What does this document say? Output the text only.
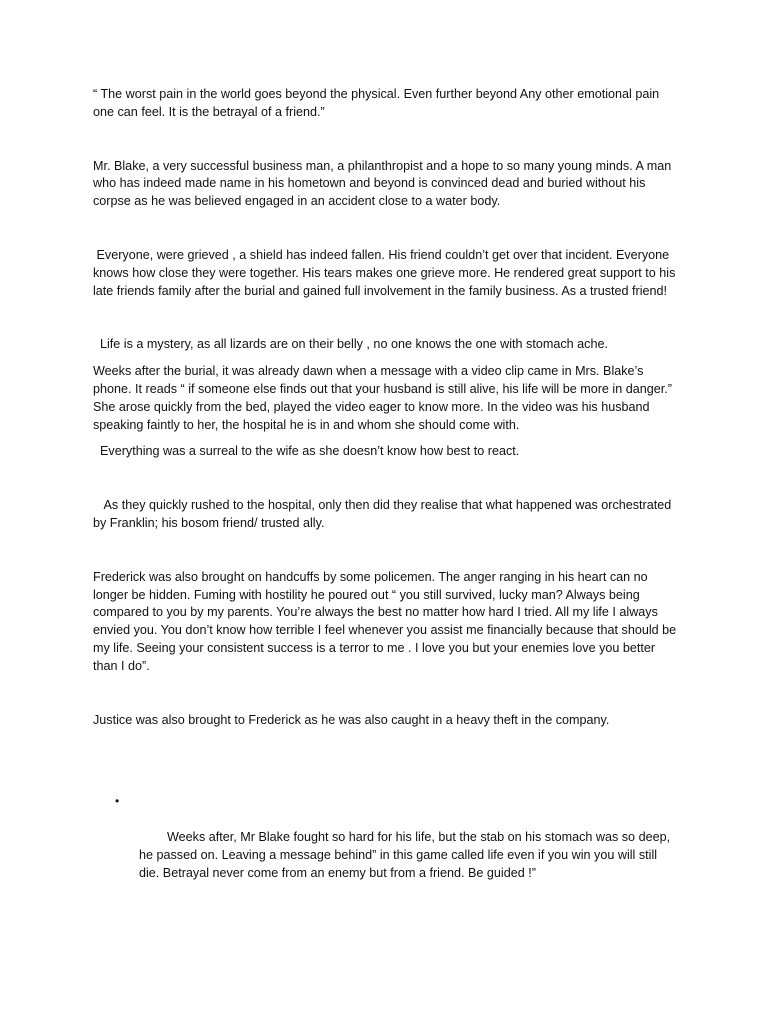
“ The worst pain in the world goes beyond the physical. Even further beyond Any other emotional pain one can feel. It is the betrayal of a friend.”

Mr. Blake, a very successful business man, a philanthropist and a hope to so many young minds. A man who has indeed made name in his hometown and beyond is convinced dead and buried without his corpse as he was believed engaged in an accident close to a water body.

Everyone, were grieved , a shield has indeed fallen. His friend couldn’t get over that incident. Everyone knows how close they were together. His tears makes one grieve more. He rendered great support to his late friends family after the burial and gained full involvement in the family business. As a trusted friend!

Life is a mystery, as all lizards are on their belly , no one knows the one with stomach ache.

Weeks after the burial, it was already dawn when a message with a video clip came in Mrs. Blake’s phone. It reads “ if someone else finds out that your husband is still alive, his life will be more in danger.” She arose quickly from the bed, played the video eager to know more. In the video was his husband speaking faintly to her, the hospital he is in and whom she should come with.

Everything was a surreal to the wife as she doesn’t know how best to react.

As they quickly rushed to the hospital, only then did they realise that what happened was orchestrated by Franklin; his bosom friend/ trusted ally.

Frederick was also brought on handcuffs by some policemen. The anger ranging in his heart can no longer be hidden. Fuming with hostility he poured out “ you still survived, lucky man? Always being compared to you by my parents. You’re always the best no matter how hard I tried. All my life I always envied you. You don’t know how terrible I feel whenever you assist me financially because that should be my life. Seeing your consistent success is a terror to me . I love you but your enemies love you better than I do”.

Justice was also brought to Frederick as he was also caught in a heavy theft in the company.

•

Weeks after, Mr Blake fought so hard for his life, but the stab on his stomach was so deep, he passed on. Leaving a message behind” in this game called life even if you win you will still die. Betrayal never come from an enemy but from a friend. Be guided !”
